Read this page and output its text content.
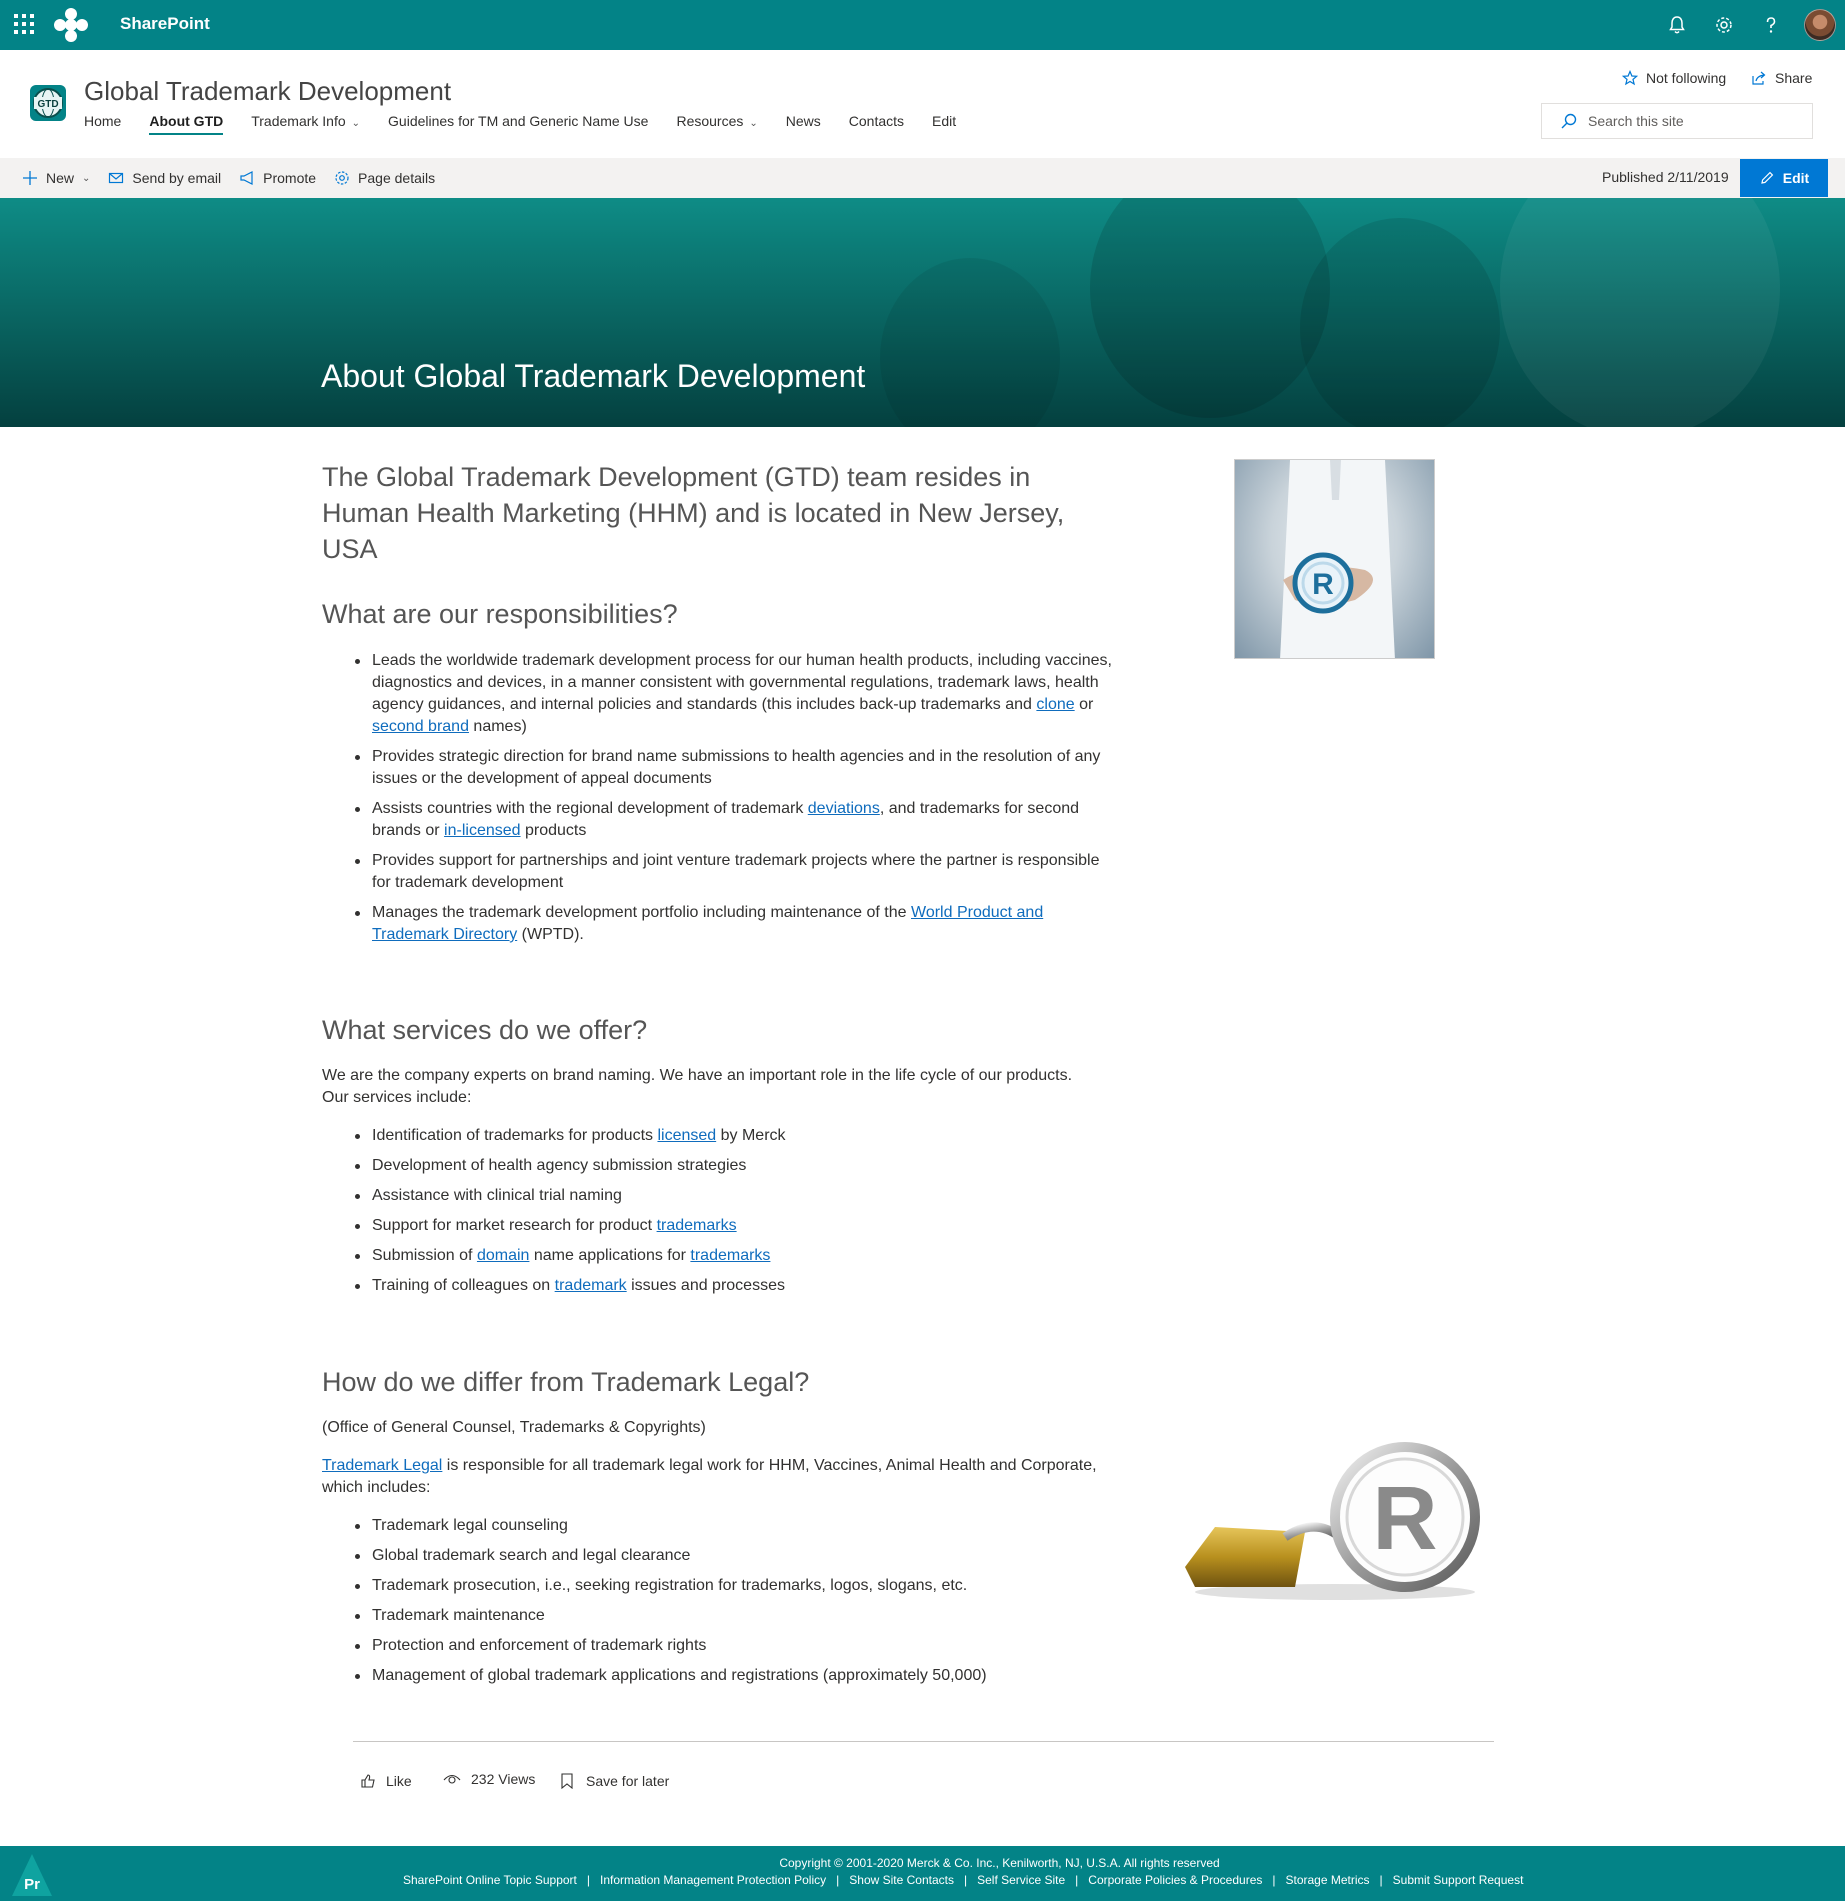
SharePoint
GTD Global Trademark Development
Home About GTD Trademark Info ⌄ Guidelines for TM and Generic Name Use Resources ⌄ News Contacts Edit
Not following	Share
Search this site
New ⌄	Send by email	Promote	Page details	Published 2/11/2019	Edit
About Global Trademark Development
The Global Trademark Development (GTD) team resides in Human Health Marketing (HHM) and is located in New Jersey, USA
What are our responsibilities?
Leads the worldwide trademark development process for our human health products, including vaccines, diagnostics and devices, in a manner consistent with governmental regulations, trademark laws, health agency guidances, and internal policies and standards (this includes back-up trademarks and clone or second brand names)
Provides strategic direction for brand name submissions to health agencies and in the resolution of any issues or the development of appeal documents
Assists countries with the regional development of trademark deviations, and trademarks for second brands or in-licensed products
Provides support for partnerships and joint venture trademark projects where the partner is responsible for trademark development
Manages the trademark development portfolio including maintenance of the World Product and Trademark Directory (WPTD).
What services do we offer?
We are the company experts on brand naming. We have an important role in the life cycle of our products. Our services include:
Identification of trademarks for products licensed by Merck
Development of health agency submission strategies
Assistance with clinical trial naming
Support for market research for product trademarks
Submission of domain name applications for trademarks
Training of colleagues on trademark issues and processes
How do we differ from Trademark Legal?
(Office of General Counsel, Trademarks & Copyrights)
Trademark Legal is responsible for all trademark legal work for HHM, Vaccines, Animal Health and Corporate, which includes:
Trademark legal counseling
Global trademark search and legal clearance
Trademark prosecution, i.e., seeking registration for trademarks, logos, slogans, etc.
Trademark maintenance
Protection and enforcement of trademark rights
Management of global trademark applications and registrations (approximately 50,000)
R
R
Like	232 Views	Save for later
Pr
Copyright © 2001-2020 Merck & Co. Inc., Kenilworth, NJ, U.S.A. All rights reserved
SharePoint Online Topic Support | Information Management Protection Policy | Show Site Contacts | Self Service Site | Corporate Policies & Procedures | Storage Metrics | Submit Support Request
